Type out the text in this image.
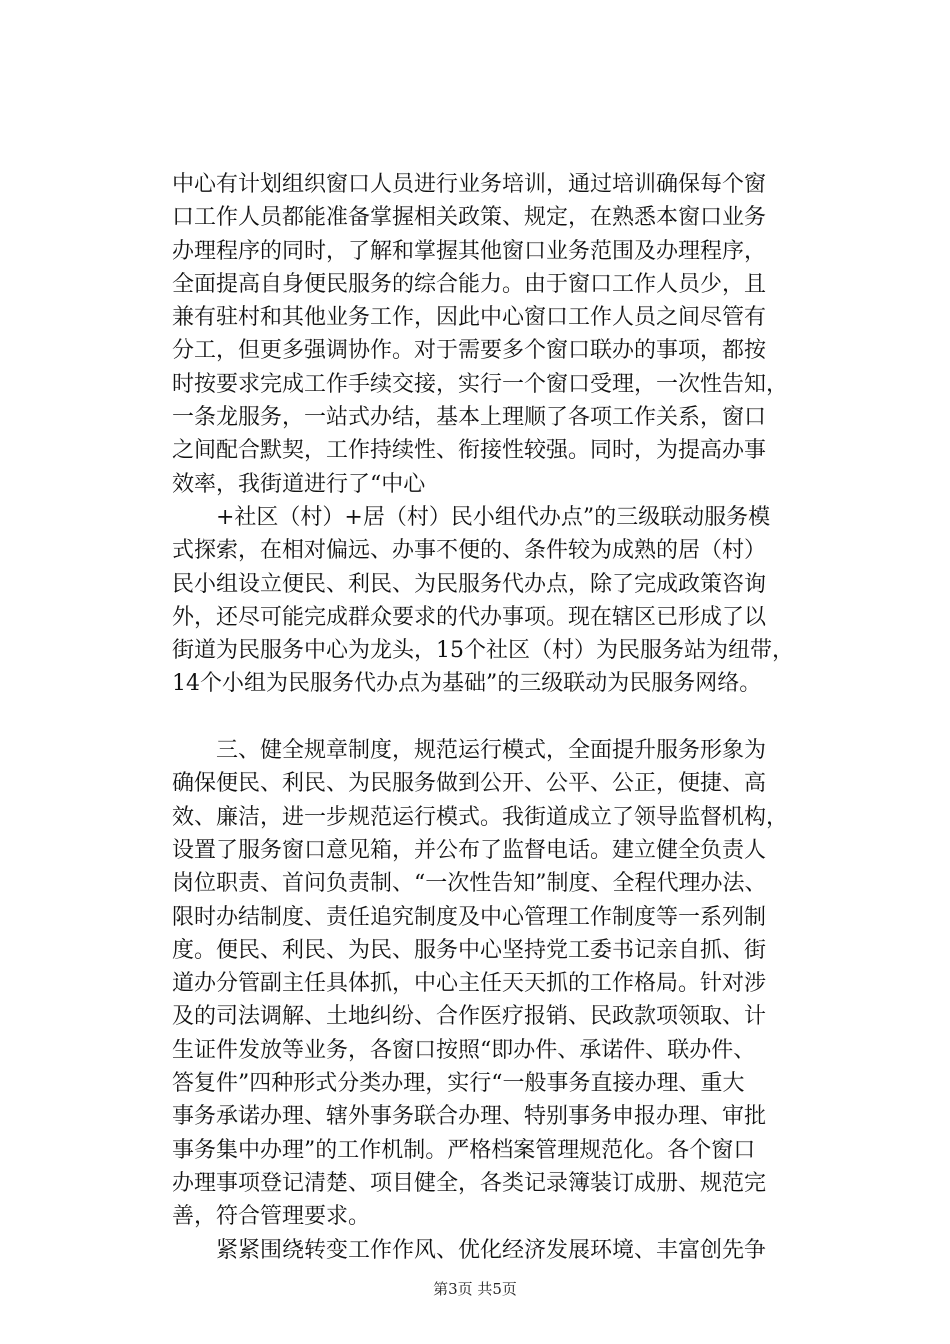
中心有计划组织窗口人员进行业务培训，通过培训确保每个窗
口工作人员都能准备掌握相关政策、规定，在熟悉本窗口业务
办理程序的同时，了解和掌握其他窗口业务范围及办理程序，
全面提高自身便民服务的综合能力。由于窗口工作人员少，且
兼有驻村和其他业务工作，因此中心窗口工作人员之间尽管有
分工，但更多强调协作。对于需要多个窗口联办的事项，都按
时按要求完成工作手续交接，实行一个窗口受理，一次性告知，
一条龙服务，一站式办结，基本上理顺了各项工作关系，窗口
之间配合默契，工作持续性、衔接性较强。同时，为提高办事
效率，我街道进行了“中心
　　+社区（村）+居（村）民小组代办点”的三级联动服务模
式探索，在相对偏远、办事不便的、条件较为成熟的居（村）
民小组设立便民、利民、为民服务代办点，除了完成政策咨询
外，还尽可能完成群众要求的代办事项。现在辖区已形成了以
街道为民服务中心为龙头，15个社区（村）为民服务站为纽带，
14个小组为民服务代办点为基础”的三级联动为民服务网络。
　　三、健全规章制度，规范运行模式，全面提升服务形象为
确保便民、利民、为民服务做到公开、公平、公正，便捷、高
效、廉洁，进一步规范运行模式。我街道成立了领导监督机构，
设置了服务窗口意见箱，并公布了监督电话。建立健全负责人
岗位职责、首问负责制、“一次性告知”制度、全程代理办法、
限时办结制度、责任追究制度及中心管理工作制度等一系列制
度。便民、利民、为民、服务中心坚持党工委书记亲自抓、街
道办分管副主任具体抓，中心主任天天抓的工作格局。针对涉
及的司法调解、土地纠纷、合作医疗报销、民政款项领取、计
生证件发放等业务，各窗口按照“即办件、承诺件、联办件、
答复件”四种形式分类办理，实行“一般事务直接办理、重大
事务承诺办理、辖外事务联合办理、特别事务申报办理、审批
事务集中办理”的工作机制。严格档案管理规范化。各个窗口
办理事项登记清楚、项目健全，各类记录簿装订成册、规范完
善，符合管理要求。
　　紧紧围绕转变工作作风、优化经济发展环境、丰富创先争
第3页 共5页
